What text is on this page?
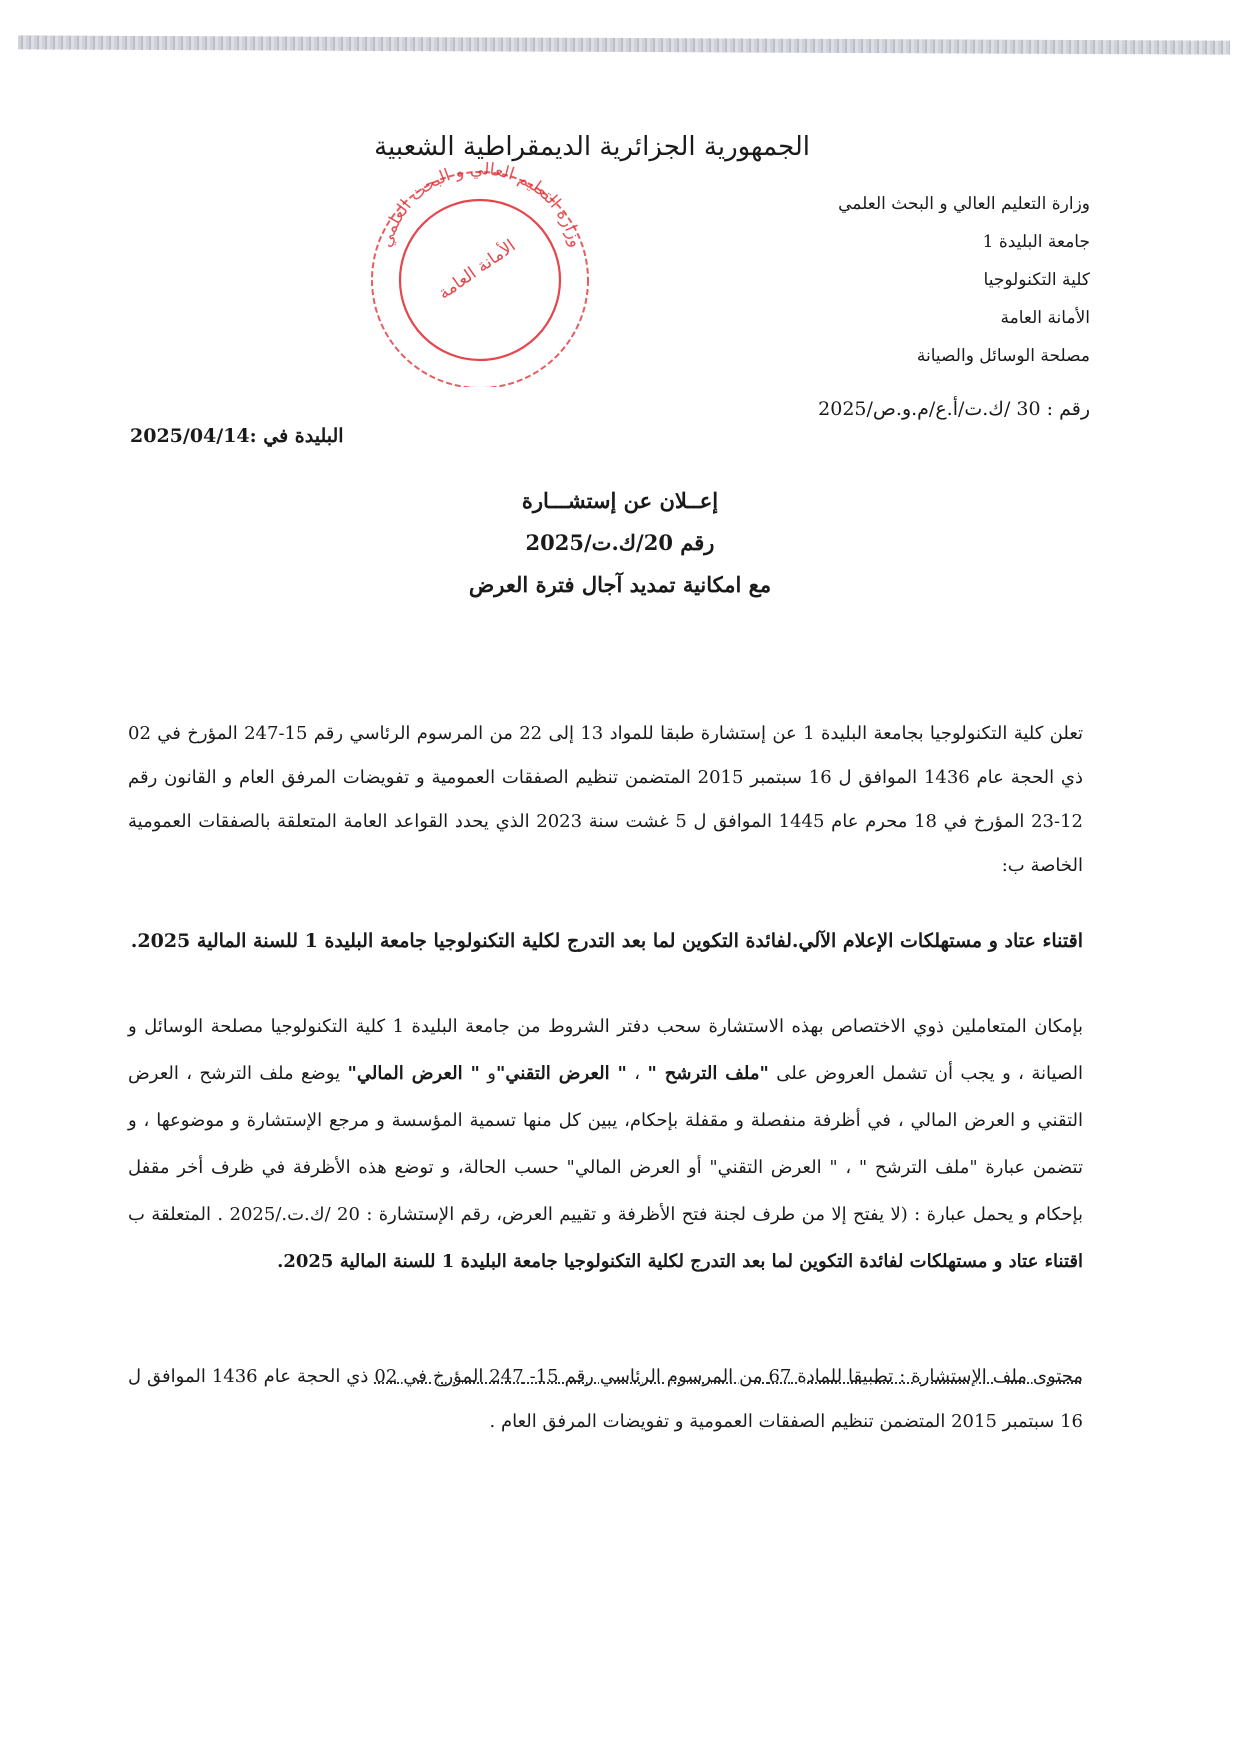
الجمهورية الجزائرية الديمقراطية الشعبية
وزارة التعليم العالي و البحث العلمي
الأمانة العامة
وزارة التعليم العالي و البحث العلمي
جامعة البليدة 1
كلية التكنولوجيا
الأمانة العامة
مصلحة الوسائل والصيانة
رقم : 30 /ك.ت/أ.ع/م.و.ص/2025
البليدة في :2025/04/14
إعــلان عن إستشـــارة
رقم 20/ك.ت/2025
مع امكانية تمديد آجال فترة العرض
تعلن كلية التكنولوجيا بجامعة البليدة 1 عن إستشارة طبقا للمواد 13 إلى 22 من المرسوم الرئاسي رقم 15-247 المؤرخ في 02 ذي الحجة عام 1436 الموافق ل 16 سبتمبر 2015 المتضمن تنظيم الصفقات العمومية و تفويضات المرفق العام و القانون رقم 12-23 المؤرخ في 18 محرم عام 1445 الموافق ل 5 غشت سنة 2023 الذي يحدد القواعد العامة المتعلقة بالصفقات العمومية الخاصة ب:
اقتناء عتاد و مستهلكات الإعلام الآلي.لفائدة التكوين لما بعد التدرج لكلية التكنولوجيا جامعة البليدة 1 للسنة المالية 2025.
بإمكان المتعاملين ذوي الاختصاص بهذه الاستشارة سحب دفتر الشروط من جامعة البليدة 1 كلية التكنولوجيا مصلحة الوسائل و الصيانة ، و يجب أن تشمل العروض على "ملف الترشح " ، " العرض التقني"و " العرض المالي" يوضع ملف الترشح ، العرض التقني و العرض المالي ، في أظرفة منفصلة و مقفلة بإحكام، يبين كل منها تسمية المؤسسة و مرجع الإستشارة و موضوعها ، و تتضمن عبارة "ملف الترشح " ، " العرض التقني" أو العرض المالي" حسب الحالة، و توضع هذه الأظرفة في ظرف أخر مقفل بإحكام و يحمل عبارة : (لا يفتح إلا من طرف لجنة فتح الأظرفة و تقييم العرض، رقم الإستشارة : 20 /ك.ت./2025 . المتعلقة ب اقتناء عتاد و مستهلكات لفائدة التكوين لما بعد التدرج لكلية التكنولوجيا جامعة البليدة 1 للسنة المالية 2025.
محتوى ملف الإستشارة : تطبيقا للمادة 67 من المرسوم الرئاسي رقم 15- 247 المؤرخ في 02 ذي الحجة عام 1436 الموافق ل 16 سبتمبر 2015 المتضمن تنظيم الصفقات العمومية و تفويضات المرفق العام .
